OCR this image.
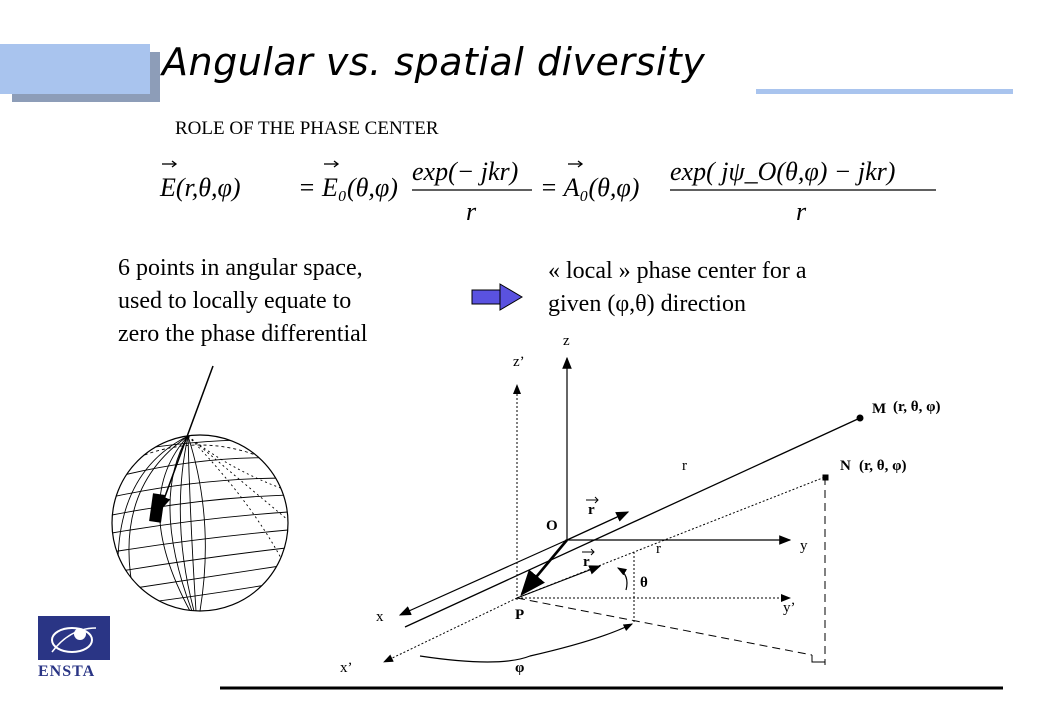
Angular vs. spatial diversity
ROLE OF THE PHASE CENTER
E(r,θ,φ) = E₀(θ,φ)
exp(− jkr)
r
= A₀(θ,φ)
exp( jψ_O(θ,φ) − jkr)
r
6 points in angular space,
used to locally equate to
zero the phase differential
« local » phase center for a
given (φ,θ) direction
z
z’
y
y’
x
x’
O
P
M (r, θ, φ)
N (r, θ, φ)
r
r
r
r
θ
φ
ENSTA
